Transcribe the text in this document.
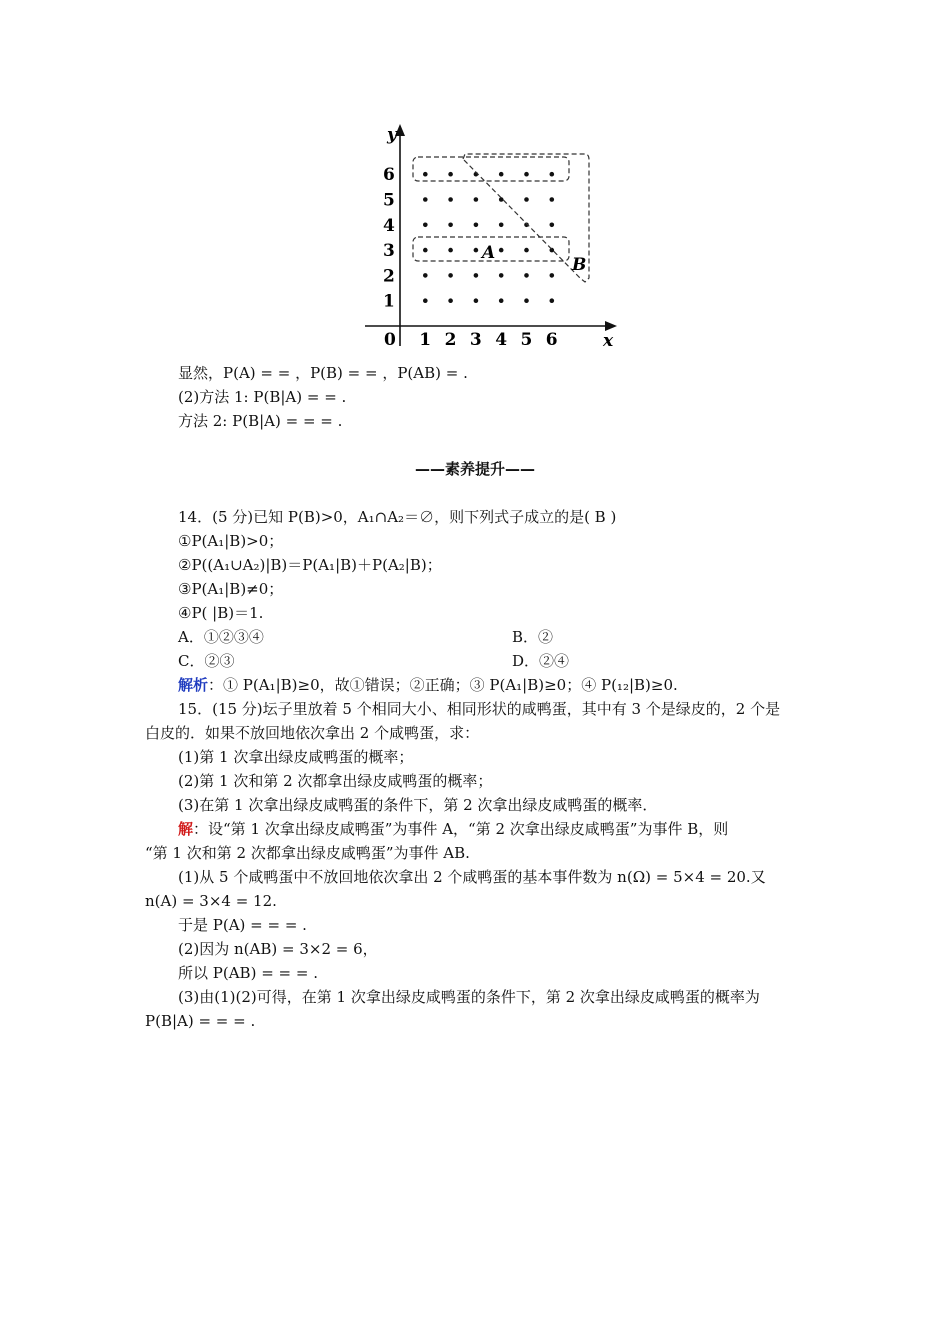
y
x
0 1 2 3 4 5 6
1
2
3
4
5
6
A
B
显然，P(A) = = ，P(B) = = ，P(AB) = .
(2)方法 1: P(B|A) = = .
方法 2: P(B|A) = = = .
——素养提升——
14．(5 分)已知 P(B)>0，A₁∩A₂＝∅，则下列式子成立的是( B )
①P(A₁|B)>0；
②P((A₁∪A₂)|B)＝P(A₁|B)＋P(A₂|B)；
③P(A₁|B)≠0；
④P( |B)＝1.
A．①②③④	B．②
C．②③	D．②④
解析：① P(A₁|B)≥0，故①错误；②正确；③ P(A₁|B)≥0；④ P(₁₂|B)≥0.
15．(15 分)坛子里放着 5 个相同大小、相同形状的咸鸭蛋，其中有 3 个是绿皮的，2 个是
白皮的．如果不放回地依次拿出 2 个咸鸭蛋，求：
(1)第 1 次拿出绿皮咸鸭蛋的概率；
(2)第 1 次和第 2 次都拿出绿皮咸鸭蛋的概率；
(3)在第 1 次拿出绿皮咸鸭蛋的条件下，第 2 次拿出绿皮咸鸭蛋的概率．
解：设“第 1 次拿出绿皮咸鸭蛋”为事件 A，“第 2 次拿出绿皮咸鸭蛋”为事件 B，则
“第 1 次和第 2 次都拿出绿皮咸鸭蛋”为事件 AB.
(1)从 5 个咸鸭蛋中不放回地依次拿出 2 个咸鸭蛋的基本事件数为 n(Ω) = 5×4 = 20.又
n(A) = 3×4 = 12.
于是 P(A) = = = .
(2)因为 n(AB) = 3×2 = 6，
所以 P(AB) = = = .
(3)由(1)(2)可得，在第 1 次拿出绿皮咸鸭蛋的条件下，第 2 次拿出绿皮咸鸭蛋的概率为
P(B|A) = = = .
